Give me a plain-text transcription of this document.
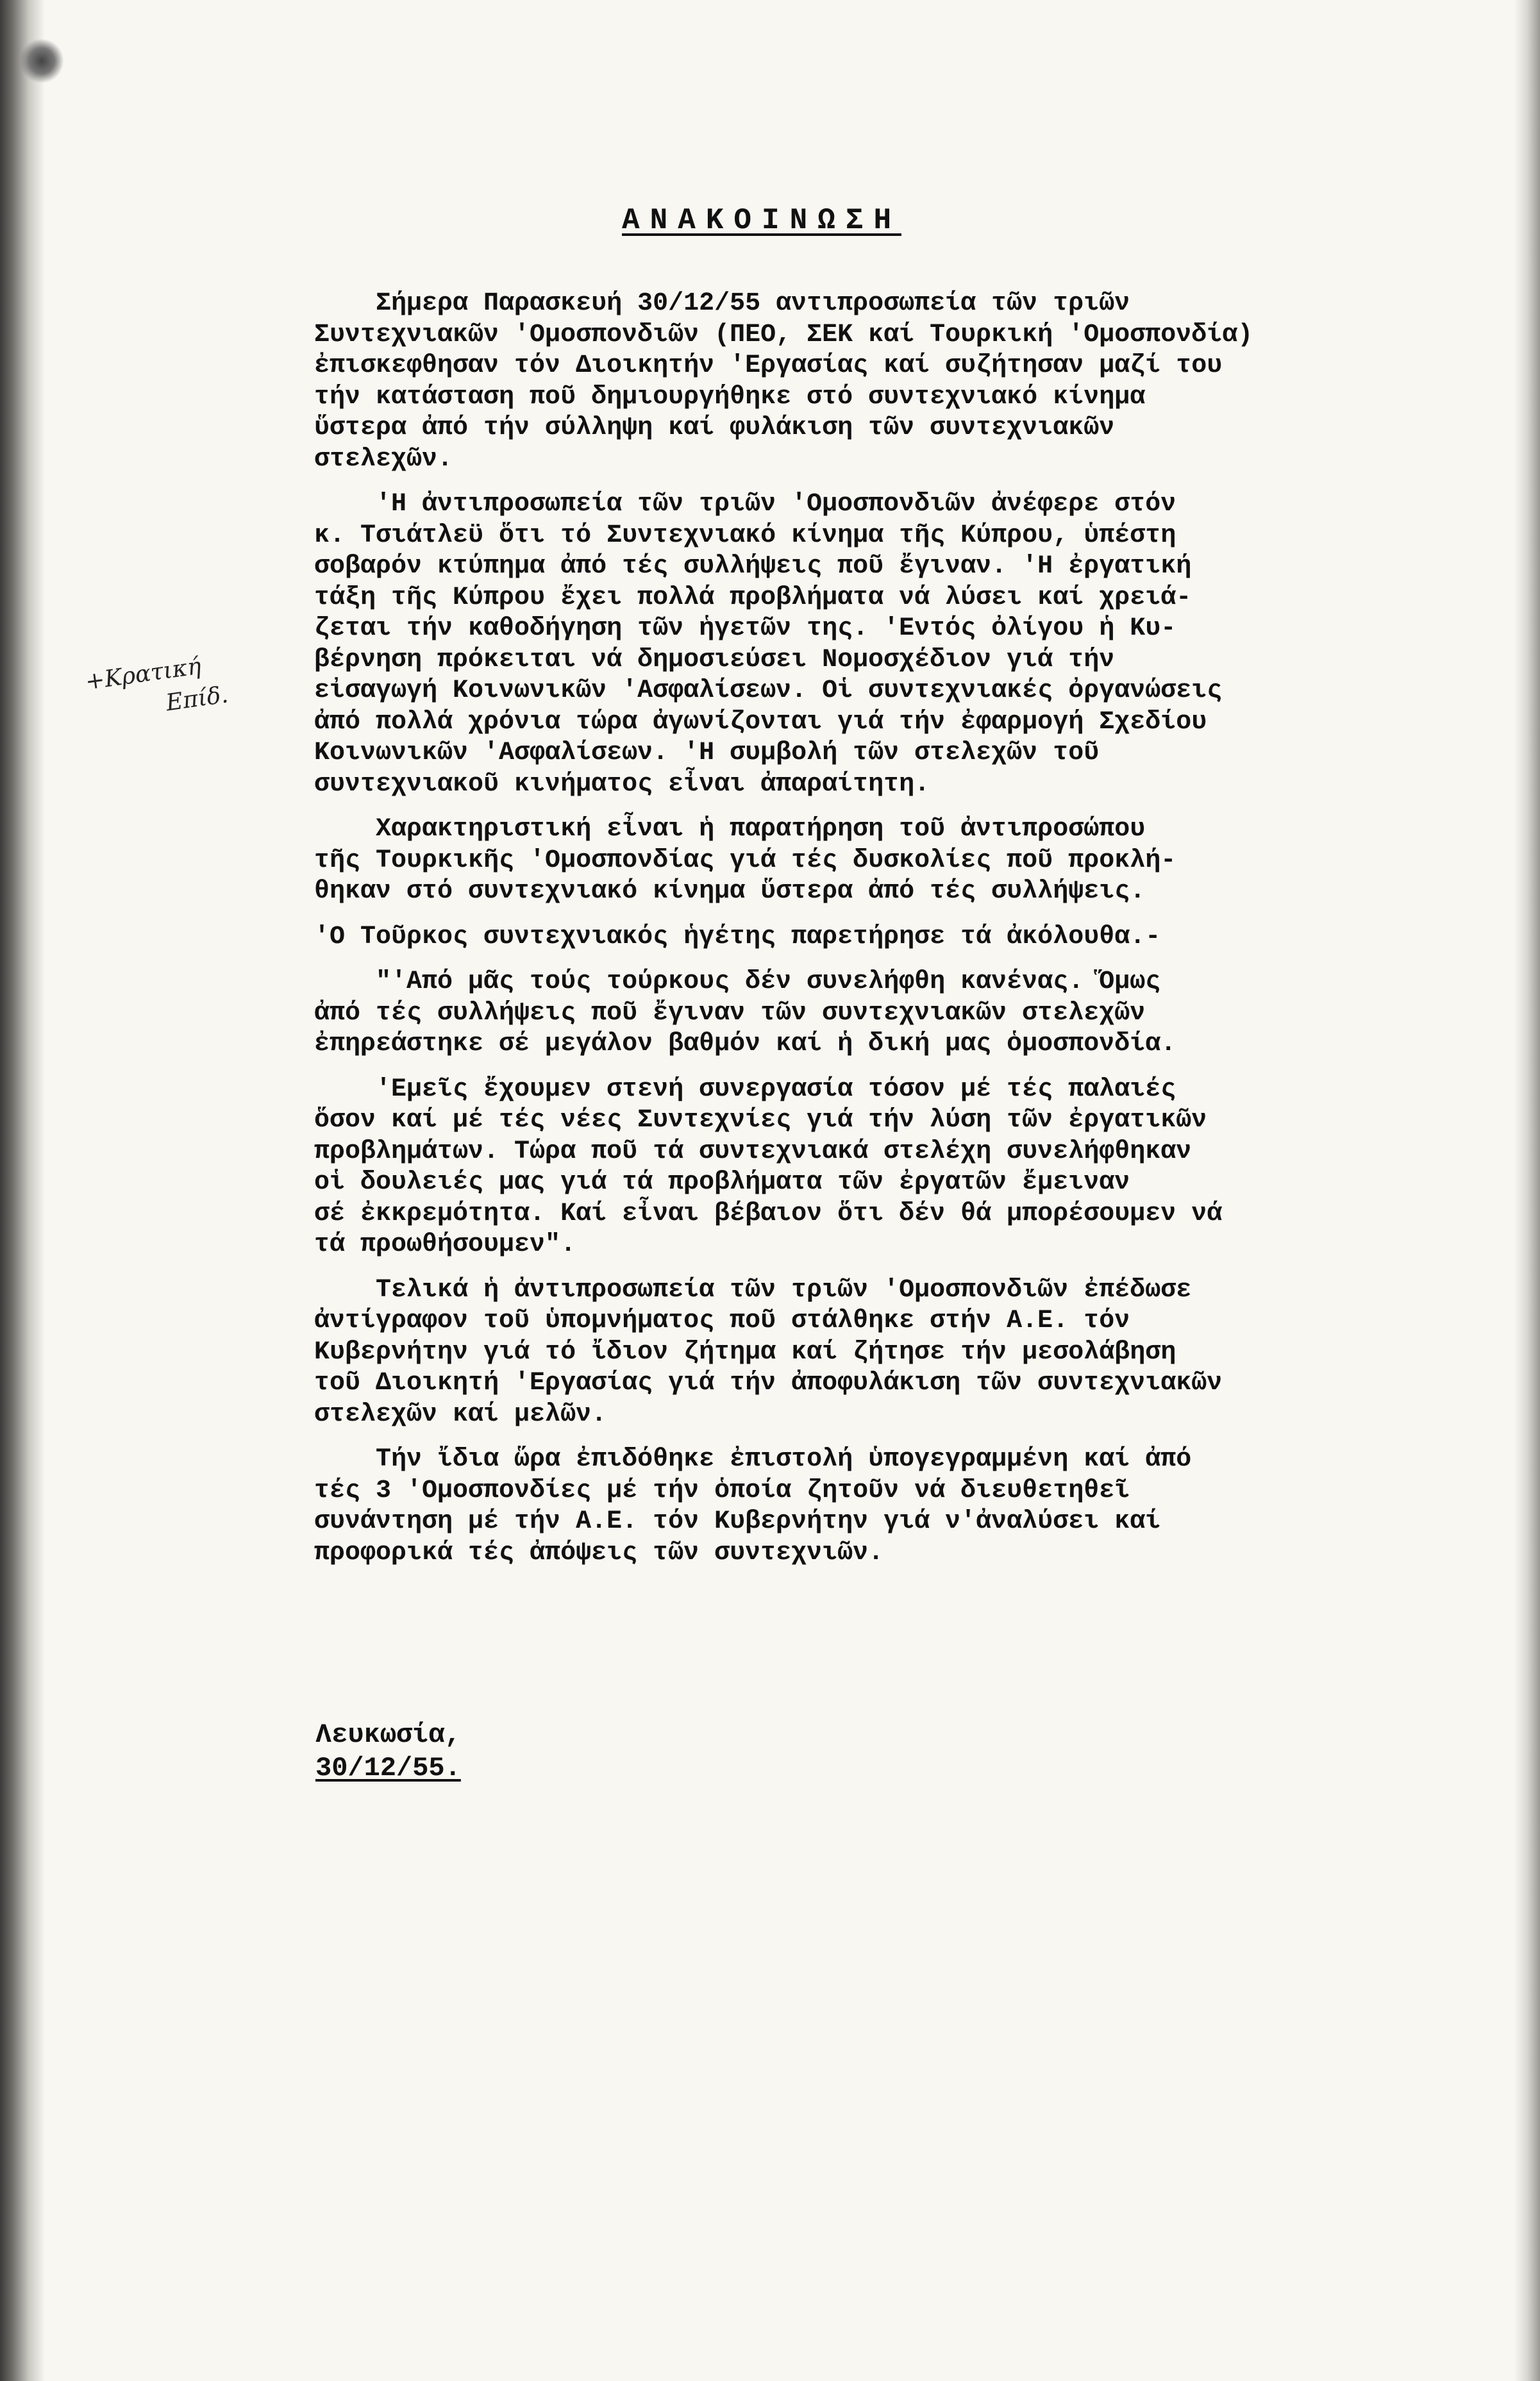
ΑΝΑΚΟΙΝΩΣΗ
+Κρατική
Επίδ.
Σήμερα Παρασκευή 30/12/55 αντιπροσωπεία τῶν τριῶν
Συντεχνιακῶν 'Ομοσπονδιῶν (ΠΕΟ, ΣΕΚ καί Τουρκική 'Ομοσπονδία)
ἐπισκεφθησαν τόν Διοικητήν 'Εργασίας καί συζήτησαν μαζί του
τήν κατάσταση ποῦ δημιουργήθηκε στό συντεχνιακό κίνημα
ὕστερα ἀπό τήν σύλληψη καί φυλάκιση τῶν συντεχνιακῶν
στελεχῶν.
'Η ἀντιπροσωπεία τῶν τριῶν 'Ομοσπονδιῶν ἀνέφερε στόν
κ. Τσιάτλεϋ ὅτι τό Συντεχνιακό κίνημα τῆς Κύπρου, ὑπέστη
σοβαρόν κτύπημα ἀπό τές συλλήψεις ποῦ ἔγιναν. 'Η ἐργατική
τάξη τῆς Κύπρου ἔχει πολλά προβλήματα νά λύσει καί χρειά-
ζεται τήν καθοδήγηση τῶν ἡγετῶν της. 'Εντός ὀλίγου ἡ Κυ-
βέρνηση πρόκειται νά δημοσιεύσει Νομοσχέδιον γιά τήν
εἰσαγωγή Κοινωνικῶν 'Ασφαλίσεων. Οἱ συντεχνιακές ὀργανώσεις
ἀπό πολλά χρόνια τώρα ἀγωνίζονται γιά τήν ἐφαρμογή Σχεδίου
Κοινωνικῶν 'Ασφαλίσεων. 'Η συμβολή τῶν στελεχῶν τοῦ
συντεχνιακοῦ κινήματος εἶναι ἀπαραίτητη.
Χαρακτηριστική εἶναι ἡ παρατήρηση τοῦ ἀντιπροσώπου
τῆς Τουρκικῆς 'Ομοσπονδίας γιά τές δυσκολίες ποῦ προκλή-
θηκαν στό συντεχνιακό κίνημα ὕστερα ἀπό τές συλλήψεις.
'Ο Τοῦρκος συντεχνιακός ἡγέτης παρετήρησε τά ἀκόλουθα.-
"'Από μᾶς τούς τούρκους δέν συνελήφθη κανένας. Ὅμως
ἀπό τές συλλήψεις ποῦ ἔγιναν τῶν συντεχνιακῶν στελεχῶν
ἐπηρεάστηκε σέ μεγάλον βαθμόν καί ἡ δική μας ὁμοσπονδία.
'Εμεῖς ἔχουμεν στενή συνεργασία τόσον μέ τές παλαιές
ὅσον καί μέ τές νέες Συντεχνίες γιά τήν λύση τῶν ἐργατικῶν
προβλημάτων. Τώρα ποῦ τά συντεχνιακά στελέχη συνελήφθηκαν
οἱ δουλειές μας γιά τά προβλήματα τῶν ἐργατῶν ἔμειναν
σέ ἐκκρεμότητα. Καί εἶναι βέβαιον ὅτι δέν θά μπορέσουμεν νά
τά προωθήσουμεν".
Τελικά ἡ ἀντιπροσωπεία τῶν τριῶν 'Ομοσπονδιῶν ἐπέδωσε
ἀντίγραφον τοῦ ὑπομνήματος ποῦ στάλθηκε στήν Α.Ε. τόν
Κυβερνήτην γιά τό ἴδιον ζήτημα καί ζήτησε τήν μεσολάβηση
τοῦ Διοικητή 'Εργασίας γιά τήν ἀποφυλάκιση τῶν συντεχνιακῶν
στελεχῶν καί μελῶν.
Τήν ἴδια ὥρα ἐπιδόθηκε ἐπιστολή ὑπογεγραμμένη καί ἀπό
τές 3 'Ομοσπονδίες μέ τήν ὁποία ζητοῦν νά διευθετηθεῖ
συνάντηση μέ τήν Α.Ε. τόν Κυβερνήτην γιά ν'ἀναλύσει καί
προφορικά τές ἀπόψεις τῶν συντεχνιῶν.
Λευκωσία,
30/12/55.
